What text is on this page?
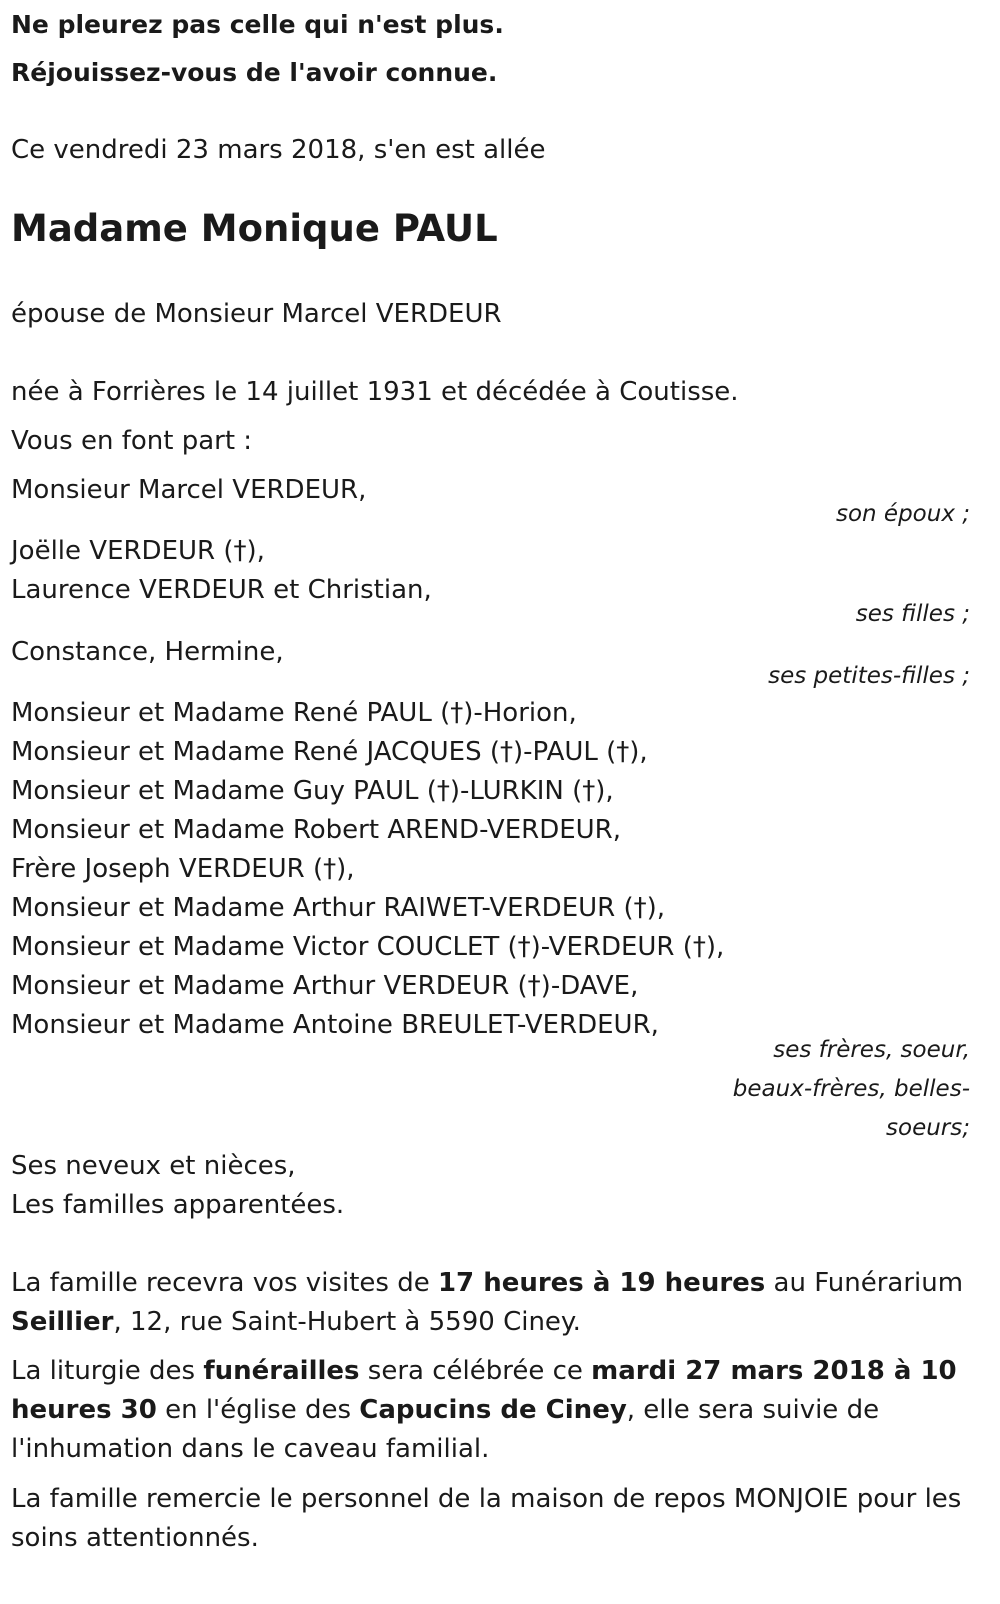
Ne pleurez pas celle qui n'est plus.

Réjouissez-vous de l'avoir connue.

Ce vendredi 23 mars 2018, s'en est allée

Madame Monique PAUL

épouse de Monsieur Marcel VERDEUR

née à Forrières le 14 juillet 1931 et décédée à Coutisse.

Vous en font part :

Monsieur Marcel VERDEUR,
son époux ;
Joëlle VERDEUR (†),
Laurence VERDEUR et Christian,
ses filles ;
Constance, Hermine,
ses petites-filles ;
Monsieur et Madame René PAUL (†)-Horion,
Monsieur et Madame René JACQUES (†)-PAUL (†),
Monsieur et Madame Guy PAUL (†)-LURKIN (†),
Monsieur et Madame Robert AREND-VERDEUR,
Frère Joseph VERDEUR (†),
Monsieur et Madame Arthur RAIWET-VERDEUR (†),
Monsieur et Madame Victor COUCLET (†)-VERDEUR (†),
Monsieur et Madame Arthur VERDEUR (†)-DAVE,
Monsieur et Madame Antoine BREULET-VERDEUR,
ses frères, soeur,
beaux-frères, belles-
soeurs;
Ses neveux et nièces,
Les familles apparentées.

La famille recevra vos visites de 17 heures à 19 heures au Funérarium Seillier, 12, rue Saint-Hubert à 5590 Ciney.

La liturgie des funérailles sera célébrée ce mardi 27 mars 2018 à 10 heures 30 en l'église des Capucins de Ciney, elle sera suivie de l'inhumation dans le caveau familial.

La famille remercie le personnel de la maison de repos MONJOIE pour les soins attentionnés.
